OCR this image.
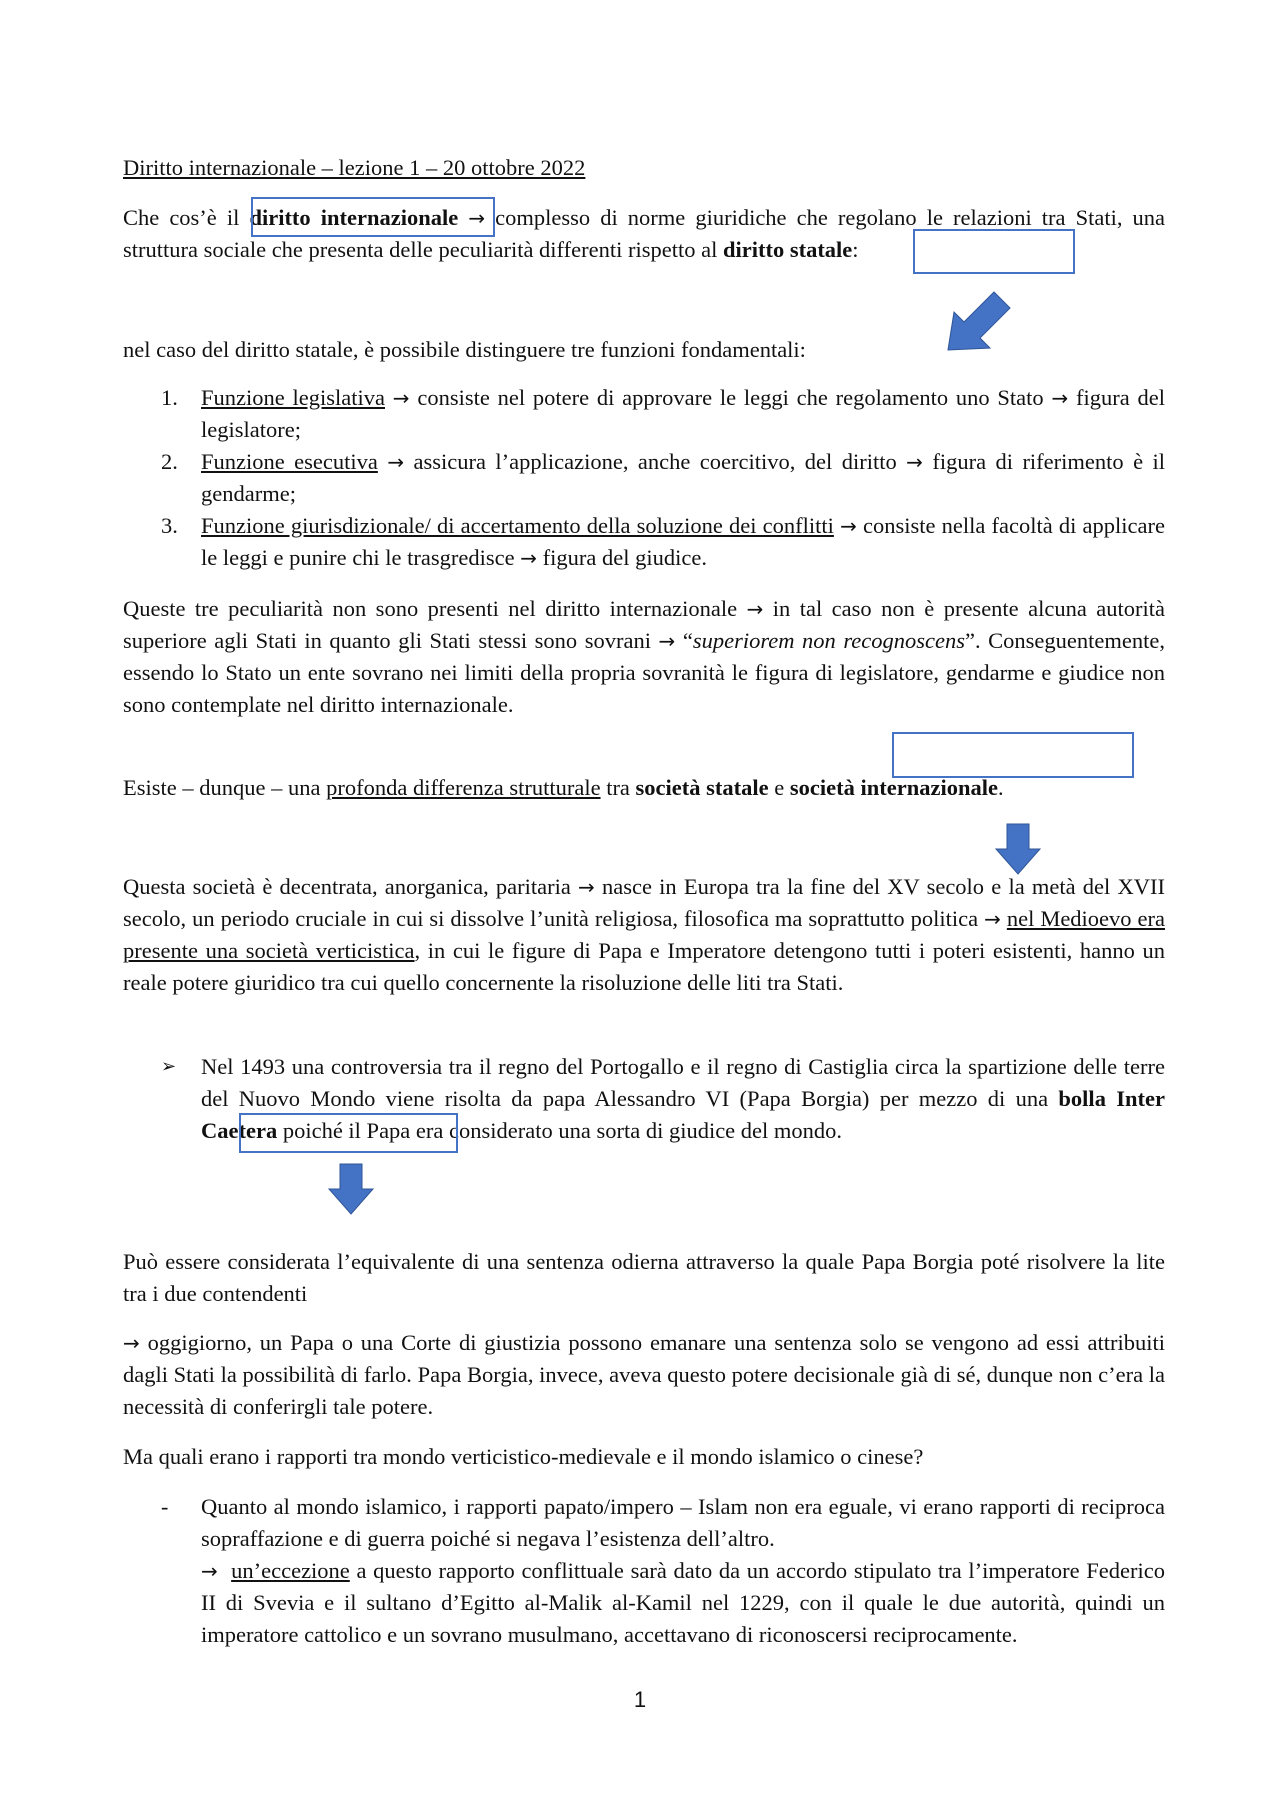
Diritto internazionale – lezione 1 – 20 ottobre 2022

Che cos’è il diritto internazionale → complesso di norme giuridiche che regolano le relazioni tra Stati, una struttura sociale che presenta delle peculiarità differenti rispetto al diritto statale:

nel caso del diritto statale, è possibile distinguere tre funzioni fondamentali:

1. Funzione legislativa → consiste nel potere di approvare le leggi che regolamento uno Stato → figura del legislatore;
2. Funzione esecutiva → assicura l’applicazione, anche coercitivo, del diritto → figura di riferimento è il gendarme;
3. Funzione giurisdizionale/ di accertamento della soluzione dei conflitti → consiste nella facoltà di applicare le leggi e punire chi le trasgredisce → figura del giudice.

Queste tre peculiarità non sono presenti nel diritto internazionale → in tal caso non è presente alcuna autorità superiore agli Stati in quanto gli Stati stessi sono sovrani → “superiorem non recognoscens”. Conseguentemente, essendo lo Stato un ente sovrano nei limiti della propria sovranità le figura di legislatore, gendarme e giudice non sono contemplate nel diritto internazionale.

Esiste – dunque – una profonda differenza strutturale tra società statale e società internazionale.

Questa società è decentrata, anorganica, paritaria → nasce in Europa tra la fine del XV secolo e la metà del XVII secolo, un periodo cruciale in cui si dissolve l’unità religiosa, filosofica ma soprattutto politica → nel Medioevo era presente una società verticistica, in cui le figure di Papa e Imperatore detengono tutti i poteri esistenti, hanno un reale potere giuridico tra cui quello concernente la risoluzione delle liti tra Stati.

➢ Nel 1493 una controversia tra il regno del Portogallo e il regno di Castiglia circa la spartizione delle terre del Nuovo Mondo viene risolta da papa Alessandro VI (Papa Borgia) per mezzo di una bolla Inter Caetera poiché il Papa era considerato una sorta di giudice del mondo.

Può essere considerata l’equivalente di una sentenza odierna attraverso la quale Papa Borgia poté risolvere la lite tra i due contendenti

→ oggigiorno, un Papa o una Corte di giustizia possono emanare una sentenza solo se vengono ad essi attribuiti dagli Stati la possibilità di farlo. Papa Borgia, invece, aveva questo potere decisionale già di sé, dunque non c’era la necessità di conferirgli tale potere.

Ma quali erano i rapporti tra mondo verticistico-medievale e il mondo islamico o cinese?

- Quanto al mondo islamico, i rapporti papato/impero – Islam non era eguale, vi erano rapporti di reciproca sopraffazione e di guerra poiché si negava l’esistenza dell’altro.
→ un’eccezione a questo rapporto conflittuale sarà dato da un accordo stipulato tra l’imperatore Federico II di Svevia e il sultano d’Egitto al-Malik al-Kamil nel 1229, con il quale le due autorità, quindi un imperatore cattolico e un sovrano musulmano, accettavano di riconoscersi reciprocamente.
1
